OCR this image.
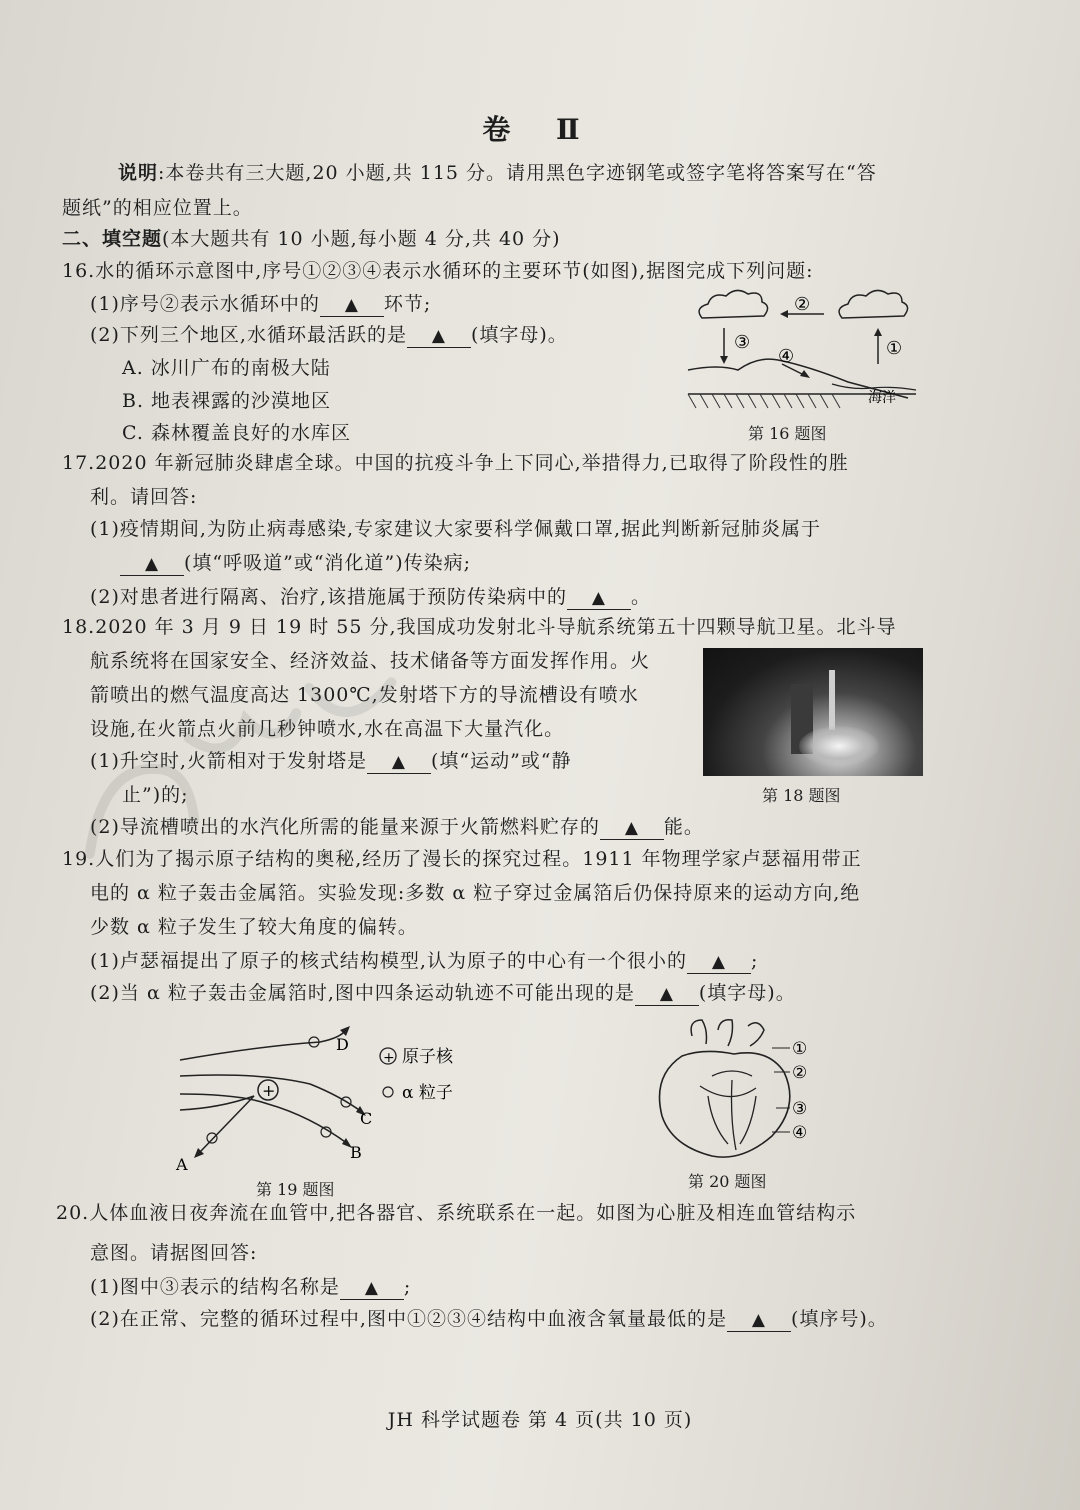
卷 Ⅱ
说明:本卷共有三大题,20 小题,共 115 分。请用黑色字迹钢笔或签字笔将答案写在“答
题纸”的相应位置上。
二、填空题(本大题共有 10 小题,每小题 4 分,共 40 分)
16.水的循环示意图中,序号①②③④表示水循环的主要环节(如图),据图完成下列问题:
(1)序号②表示水循环中的 ▲ 环节;
(2)下列三个地区,水循环最活跃的是 ▲ (填字母)。
A. 冰川广布的南极大陆
B. 地表裸露的沙漠地区
C. 森林覆盖良好的水库区
②
③
④	①
海洋
第 16 题图
17.2020 年新冠肺炎肆虐全球。中国的抗疫斗争上下同心,举措得力,已取得了阶段性的胜
利。请回答:
(1)疫情期间,为防止病毒感染,专家建议大家要科学佩戴口罩,据此判断新冠肺炎属于
▲ (填“呼吸道”或“消化道”)传染病;
(2)对患者进行隔离、治疗,该措施属于预防传染病中的 ▲ 。
18.2020 年 3 月 9 日 19 时 55 分,我国成功发射北斗导航系统第五十四颗导航卫星。北斗导
航系统将在国家安全、经济效益、技术储备等方面发挥作用。火
箭喷出的燃气温度高达 1300℃,发射塔下方的导流槽设有喷水
设施,在火箭点火前几秒钟喷水,水在高温下大量汽化。
(1)升空时,火箭相对于发射塔是 ▲ (填“运动”或“静
止”)的;
(2)导流槽喷出的水汽化所需的能量来源于火箭燃料贮存的 ▲ 能。
第 18 题图
19.人们为了揭示原子结构的奥秘,经历了漫长的探究过程。1911 年物理学家卢瑟福用带正
电的 α 粒子轰击金属箔。实验发现:多数 α 粒子穿过金属箔后仍保持原来的运动方向,绝
少数 α 粒子发生了较大角度的偏转。
(1)卢瑟福提出了原子的核式结构模型,认为原子的中心有一个很小的 ▲ ;
(2)当 α 粒子轰击金属箔时,图中四条运动轨迹不可能出现的是 ▲ (填字母)。
D
C
+
B
A
+ 原子核
α 粒子
第 19 题图
①
②
③
④
第 20 题图
20.人体血液日夜奔流在血管中,把各器官、系统联系在一起。如图为心脏及相连血管结构示
意图。请据图回答:
(1)图中③表示的结构名称是 ▲ ;
(2)在正常、完整的循环过程中,图中①②③④结构中血液含氧量最低的是 ▲ (填序号)。
JH 科学试题卷 第 4 页(共 10 页)
